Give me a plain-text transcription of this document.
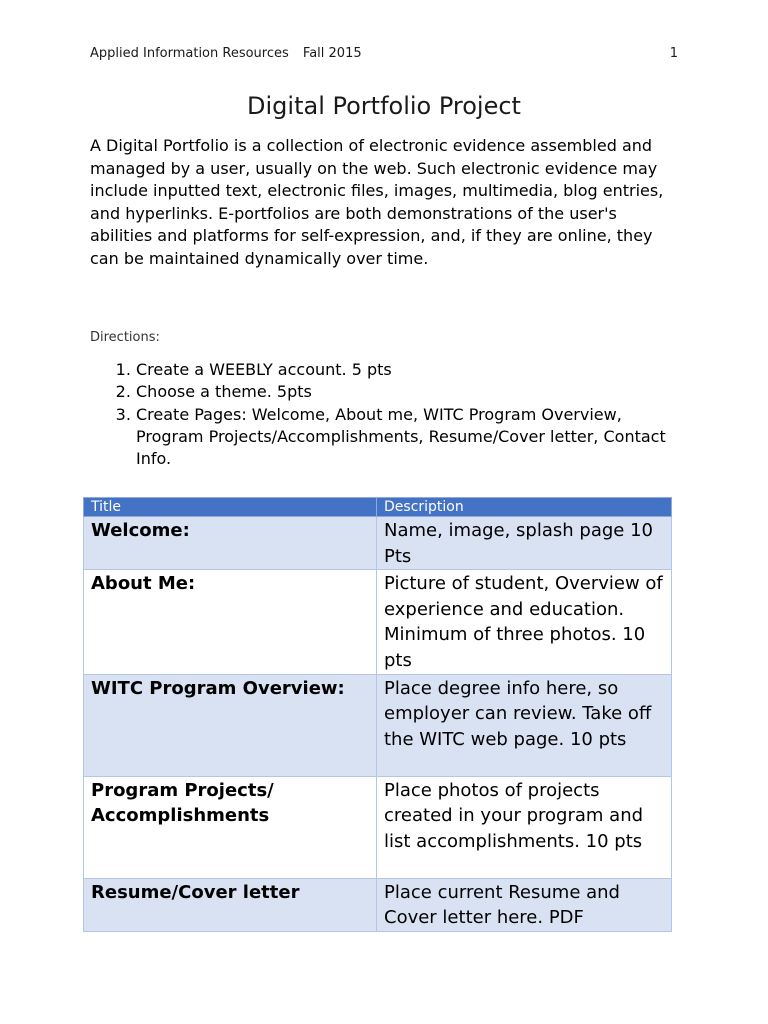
Applied Information Resources Fall 2015	1
Digital Portfolio Project

A Digital Portfolio is a collection of electronic evidence assembled and managed by a user, usually on the web. Such electronic evidence may include inputted text, electronic files, images, multimedia, blog entries, and hyperlinks. E-portfolios are both demonstrations of the user's abilities and platforms for self-expression, and, if they are online, they can be maintained dynamically over time.

Directions:

1. Create a WEEBLY account. 5 pts
2. Choose a theme. 5pts
3. Create Pages: Welcome, About me, WITC Program Overview, Program Projects/Accomplishments, Resume/Cover letter, Contact Info.
Title	Description
Welcome:	Name, image, splash page 10 Pts
About Me:	Picture of student, Overview of experience and education. Minimum of three photos. 10 pts
WITC Program Overview:	Place degree info here, so employer can review. Take off the WITC web page. 10 pts
Program Projects/ Accomplishments	Place photos of projects created in your program and list accomplishments. 10 pts
Resume/Cover letter	Place current Resume and Cover letter here. PDF
